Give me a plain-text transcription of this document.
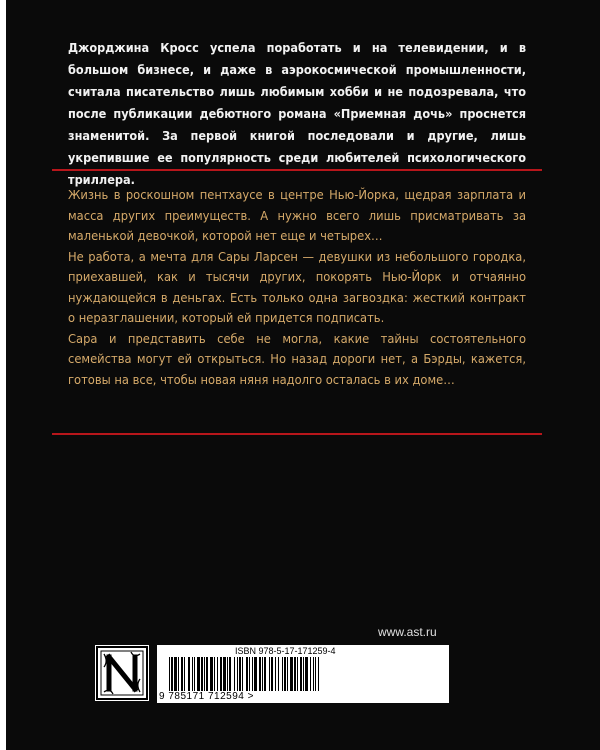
Джорджина Кросс успела поработать и на телевидении, и в большом бизнесе, и даже в аэрокосмической промышленности, считала писательство лишь любимым хобби и не подозревала, что после публикации дебютного романа «Приемная дочь» проснется знаменитой. За первой книгой последовали и другие, лишь укрепившие ее популярность среди любителей психологического триллера.

Жизнь в роскошном пентхаусе в центре Нью-Йорка, щедрая зарплата и масса других преимуществ. А нужно всего лишь присматривать за маленькой девочкой, которой нет еще и четырех…

Не работа, а мечта для Сары Ларсен — девушки из небольшого городка, приехавшей, как и тысячи других, покорять Нью-Йорк и отчаянно нуждающейся в деньгах. Есть только одна загвоздка: жесткий контракт о неразглашении, который ей придется подписать.

Сара и представить себе не могла, какие тайны состоятельного семейства могут ей открыться. Но назад дороги нет, а Бэрды, кажется, готовы на все, чтобы новая няня надолго осталась в их доме…

www.ast.ru
ISBN 978-5-17-171259-4
9 785171 712594 >
